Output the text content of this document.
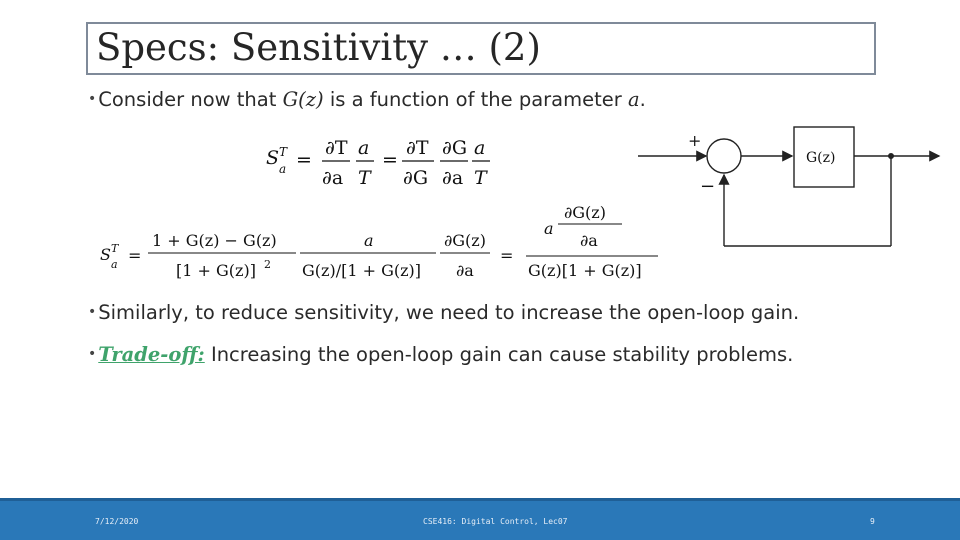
Specs: Sensitivity … (2)
• Consider now that G(z) is a function of the parameter a.
S T
a =
∂T
∂a
a
T
=
∂T
∂G
∂G
∂a
a
T
S T
a =
1 + G(z) − G(z)
[1 + G(z)] 2
a
G(z)/[1 + G(z)]
∂G(z)
∂a
=
∂G(z)
a
∂a
G(z)[1 + G(z)]
G(z)
+
−
• Similarly, to reduce sensitivity, we need to increase the open-loop gain.
• Trade-off: Increasing the open-loop gain can cause stability problems.
7/12/2020	CSE416: Digital Control, Lec07	9
